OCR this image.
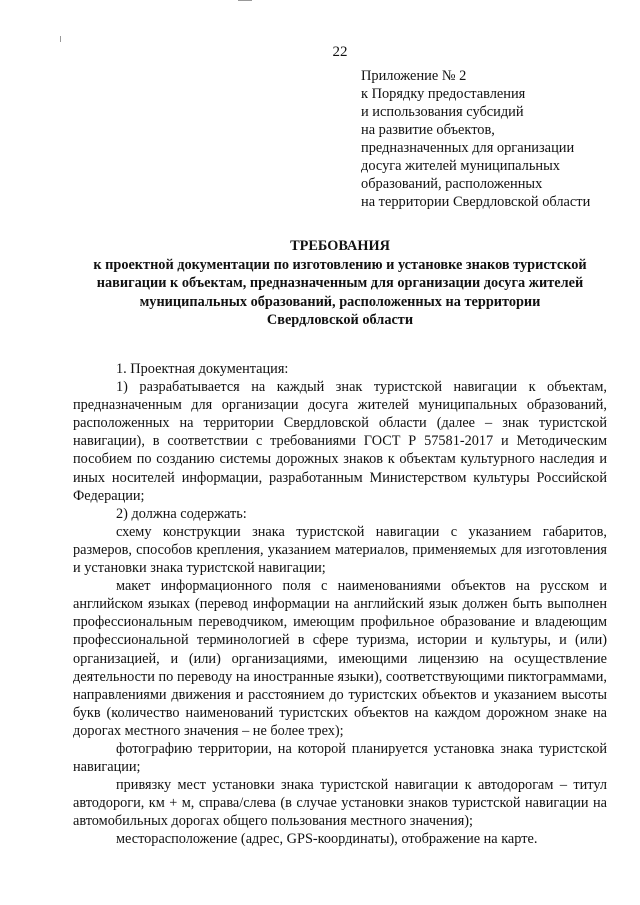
22
Приложение № 2
к Порядку предоставления
и использования субсидий
на развитие объектов,
предназначенных для организации
досуга жителей муниципальных
образований, расположенных
на территории Свердловской области
ТРЕБОВАНИЯ
к проектной документации по изготовлению и установке знаков туристской
навигации к объектам, предназначенным для организации досуга жителей
муниципальных образований, расположенных на территории
Свердловской области

1. Проектная документация:

1) разрабатывается на каждый знак туристской навигации к объектам, предназначенным для организации досуга жителей муниципальных образований, расположенных на территории Свердловской области (далее – знак туристской навигации), в соответствии с требованиями ГОСТ Р 57581-2017 и Методическим пособием по созданию системы дорожных знаков к объектам культурного наследия и иных носителей информации, разработанным Министерством культуры Российской Федерации;

2) должна содержать:

схему конструкции знака туристской навигации с указанием габаритов, размеров, способов крепления, указанием материалов, применяемых для изготовления и установки знака туристской навигации;

макет информационного поля с наименованиями объектов на русском и английском языках (перевод информации на английский язык должен быть выполнен профессиональным переводчиком, имеющим профильное образование и владеющим профессиональной терминологией в сфере туризма, истории и культуры, и (или) организацией, и (или) организациями, имеющими лицензию на осуществление деятельности по переводу на иностранные языки), соответствующими пиктограммами, направлениями движения и расстоянием до туристских объектов и указанием высоты букв (количество наименований туристских объектов на каждом дорожном знаке на дорогах местного значения – не более трех);

фотографию территории, на которой планируется установка знака туристской навигации;

привязку мест установки знака туристской навигации к автодорогам – титул автодороги, км + м, справа/слева (в случае установки знаков туристской навигации на автомобильных дорогах общего пользования местного значения);

месторасположение (адрес, GPS-координаты), отображение на карте.
